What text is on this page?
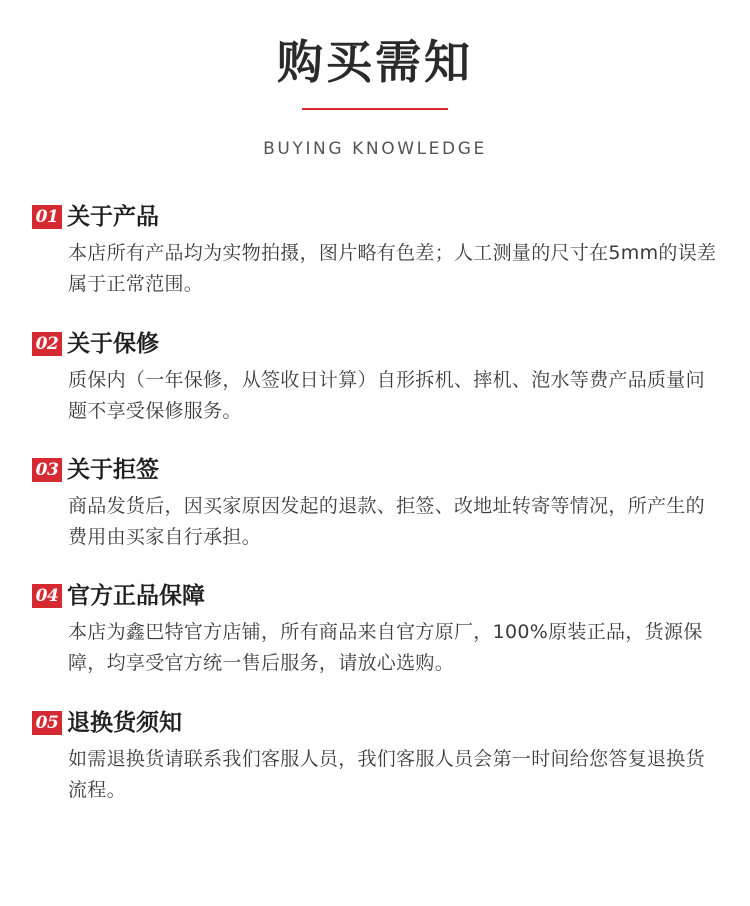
购买需知
BUYING KNOWLEDGE
01 关于产品
本店所有产品均为实物拍摄，图片略有色差；人工测量的尺寸在5mm的误差属于正常范围。
02 关于保修
质保内（一年保修，从签收日计算）自形拆机、摔机、泡水等费产品质量问题不享受保修服务。
03 关于拒签
商品发货后，因买家原因发起的退款、拒签、改地址转寄等情况，所产生的费用由买家自行承担。
04 官方正品保障
本店为鑫巴特官方店铺，所有商品来自官方原厂，100%原装正品，货源保障，均享受官方统一售后服务，请放心选购。
05 退换货须知
如需退换货请联系我们客服人员，我们客服人员会第一时间给您答复退换货流程。
